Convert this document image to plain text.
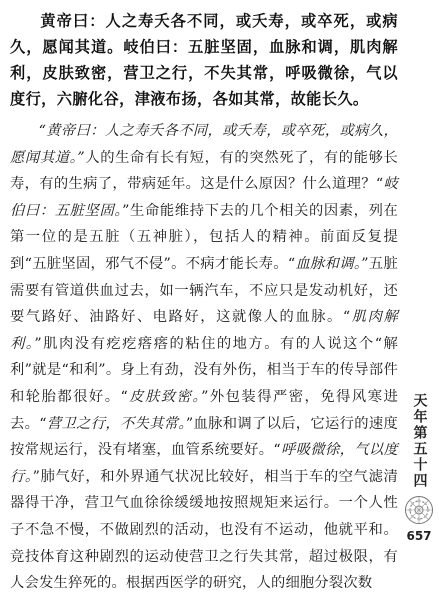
黄帝曰：人之寿夭各不同，或夭寿，或卒死，或病久，愿闻其道。岐伯曰：五脏坚固，血脉和调，肌肉解利，皮肤致密，营卫之行，不失其常，呼吸微徐，气以度行，六腑化谷，津液布扬，各如其常，故能长久。

“黄帝曰：人之寿夭各不同，或夭寿，或卒死，或病久，愿闻其道。”人的生命有长有短，有的突然死了，有的能够长寿，有的生病了，带病延年。这是什么原因？什么道理？“岐伯曰：五脏坚固。”生命能维持下去的几个相关的因素，列在第一位的是五脏（五神脏），包括人的精神。前面反复提到“五脏坚固，邪气不侵”。不病才能长寿。“血脉和调。”五脏需要有管道供血过去，如一辆汽车，不应只是发动机好，还要气路好、油路好、电路好，这就像人的血脉。“肌肉解利。”肌肉没有疙疙瘩瘩的粘住的地方。有的人说这个“解利”就是“和利”。身上有劲，没有外伤，相当于车的传导部件和轮胎都很好。“皮肤致密。”外包装得严密，免得风寒进去。“营卫之行，不失其常。”血脉和调了以后，它运行的速度按常规运行，没有堵塞，血管系统要好。“呼吸微徐，气以度行。”肺气好，和外界通气状况比较好，相当于车的空气滤清器得干净，营卫气血徐徐缓缓地按照规矩来运行。一个人性子不急不慢，不做剧烈的活动，也没有不运动，他就平和。竞技体育这种剧烈的运动使营卫之行失其常，超过极限，有人会发生猝死的。根据西医学的研究，人的细胞分裂次数

天年第五十四
657
